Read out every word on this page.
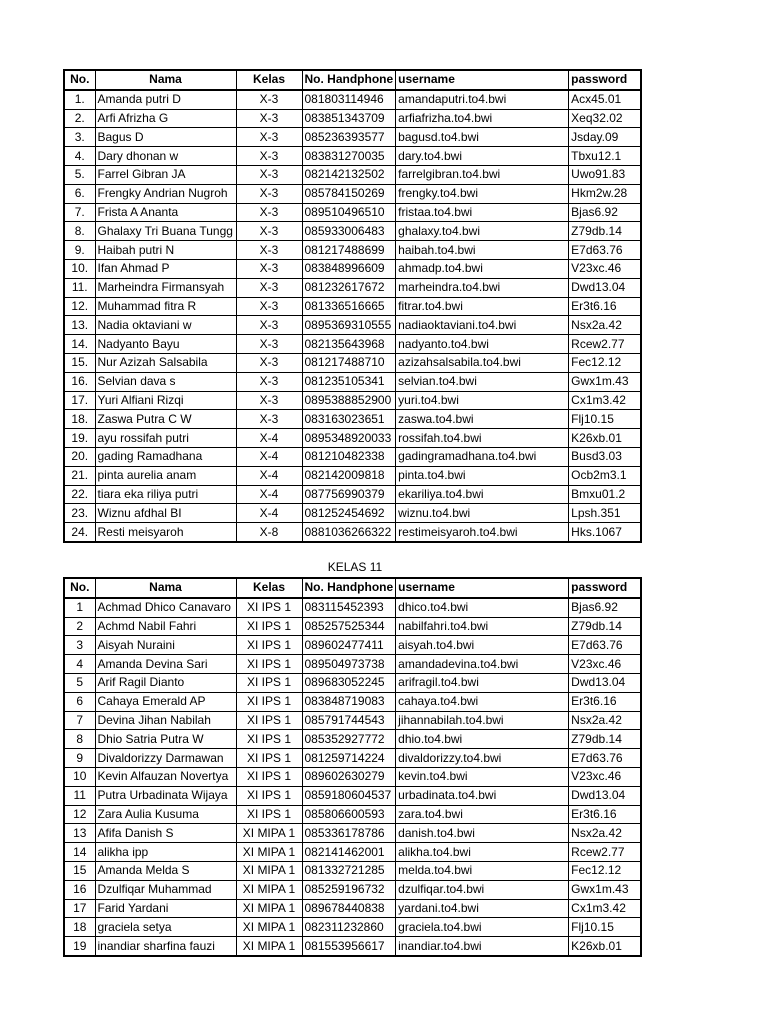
No.	Nama	Kelas	No. Handphone	username	password
1.	Amanda putri D	X-3	081803114946	amandaputri.to4.bwi	Acx45.01
2.	Arfi Afrizha G	X-3	083851343709	arfiafrizha.to4.bwi	Xeq32.02
3.	Bagus D	X-3	085236393577	bagusd.to4.bwi	Jsday.09
4.	Dary dhonan w	X-3	083831270035	dary.to4.bwi	Tbxu12.1
5.	Farrel Gibran JA	X-3	082142132502	farrelgibran.to4.bwi	Uwo91.83
6.	Frengky Andrian Nugroh	X-3	085784150269	frengky.to4.bwi	Hkm2w.28
7.	Frista A Ananta	X-3	089510496510	fristaa.to4.bwi	Bjas6.92
8.	Ghalaxy Tri Buana Tungg	X-3	085933006483	ghalaxy.to4.bwi	Z79db.14
9.	Haibah putri N	X-3	081217488699	haibah.to4.bwi	E7d63.76
10.	Ifan Ahmad P	X-3	083848996609	ahmadp.to4.bwi	V23xc.46
11.	Marheindra Firmansyah	X-3	081232617672	marheindra.to4.bwi	Dwd13.04
12.	Muhammad fitra R	X-3	081336516665	fitrar.to4.bwi	Er3t6.16
13.	Nadia oktaviani w	X-3	0895369310555	nadiaoktaviani.to4.bwi	Nsx2a.42
14.	Nadyanto Bayu	X-3	082135643968	nadyanto.to4.bwi	Rcew2.77
15.	Nur Azizah Salsabila	X-3	081217488710	azizahsalsabila.to4.bwi	Fec12.12
16.	Selvian dava s	X-3	081235105341	selvian.to4.bwi	Gwx1m.43
17.	Yuri Alfiani Rizqi	X-3	0895388852900	yuri.to4.bwi	Cx1m3.42
18.	Zaswa Putra C W	X-3	083163023651	zaswa.to4.bwi	Flj10.15
19.	ayu rossifah putri	X-4	0895348920033	rossifah.to4.bwi	K26xb.01
20.	gading Ramadhana	X-4	081210482338	gadingramadhana.to4.bwi	Busd3.03
21.	pinta aurelia anam	X-4	082142009818	pinta.to4.bwi	Ocb2m3.1
22.	tiara eka riliya putri	X-4	087756990379	ekariliya.to4.bwi	Bmxu01.2
23.	Wiznu afdhal BI	X-4	081252454692	wiznu.to4.bwi	Lpsh.351
24.	Resti meisyaroh	X-8	0881036266322	restimeisyaroh.to4.bwi	Hks.1067
KELAS 11
No.	Nama	Kelas	No. Handphone	username	password
1	Achmad Dhico Canavaro	XI IPS 1	083115452393	dhico.to4.bwi	Bjas6.92
2	Achmd Nabil Fahri	XI IPS 1	085257525344	nabilfahri.to4.bwi	Z79db.14
3	Aisyah Nuraini	XI IPS 1	089602477411	aisyah.to4.bwi	E7d63.76
4	Amanda Devina Sari	XI IPS 1	089504973738	amandadevina.to4.bwi	V23xc.46
5	Arif Ragil Dianto	XI IPS 1	089683052245	arifragil.to4.bwi	Dwd13.04
6	Cahaya Emerald AP	XI IPS 1	083848719083	cahaya.to4.bwi	Er3t6.16
7	Devina Jihan Nabilah	XI IPS 1	085791744543	jihannabilah.to4.bwi	Nsx2a.42
8	Dhio Satria Putra W	XI IPS 1	085352927772	dhio.to4.bwi	Z79db.14
9	Divaldorizzy Darmawan	XI IPS 1	081259714224	divaldorizzy.to4.bwi	E7d63.76
10	Kevin Alfauzan Novertya	XI IPS 1	089602630279	kevin.to4.bwi	V23xc.46
11	Putra Urbadinata Wijaya	XI IPS 1	0859180604537	urbadinata.to4.bwi	Dwd13.04
12	Zara Aulia Kusuma	XI IPS 1	085806600593	zara.to4.bwi	Er3t6.16
13	Afifa Danish S	XI MIPA 1	085336178786	danish.to4.bwi	Nsx2a.42
14	alikha ipp	XI MIPA 1	082141462001	alikha.to4.bwi	Rcew2.77
15	Amanda Melda S	XI MIPA 1	081332721285	melda.to4.bwi	Fec12.12
16	Dzulfiqar Muhammad	XI MIPA 1	085259196732	dzulfiqar.to4.bwi	Gwx1m.43
17	Farid Yardani	XI MIPA 1	089678440838	yardani.to4.bwi	Cx1m3.42
18	graciela setya	XI MIPA 1	082311232860	graciela.to4.bwi	Flj10.15
19	inandiar sharfina fauzi	XI MIPA 1	081553956617	inandiar.to4.bwi	K26xb.01
